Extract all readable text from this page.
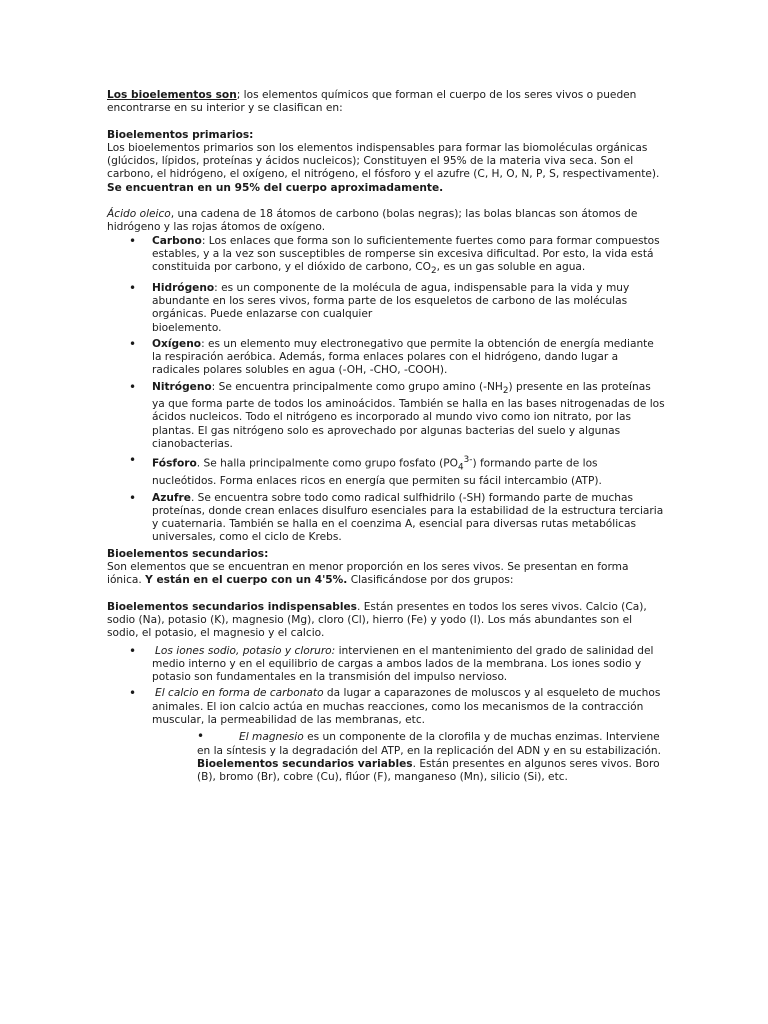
Los bioelementos son; los elementos químicos que forman el cuerpo de los seres vivos o pueden encontrarse en su interior y se clasifican en:

Bioelementos primarios:

Los bioelementos primarios son los elementos indispensables para formar las biomoléculas orgánicas (glúcidos, lípidos, proteínas y ácidos nucleicos); Constituyen el 95% de la materia viva seca. Son el carbono, el hidrógeno, el oxígeno, el nitrógeno, el fósforo y el azufre (C, H, O, N, P, S, respectivamente). Se encuentran en un 95% del cuerpo aproximadamente.

Ácido oleico, una cadena de 18 átomos de carbono (bolas negras); las bolas blancas son átomos de hidrógeno y las rojas átomos de oxígeno.

• Carbono: Los enlaces que forma son lo suficientemente fuertes como para formar compuestos estables, y a la vez son susceptibles de romperse sin excesiva dificultad. Por esto, la vida está constituida por carbono, y el dióxido de carbono, $CO_2$, es un gas soluble en agua.
• Hidrógeno: es un componente de la molécula de agua, indispensable para la vida y muy abundante en los seres vivos, forma parte de los esqueletos de carbono de las moléculas orgánicas. Puede enlazarse con cualquier
bioelemento.
• Oxígeno: es un elemento muy electronegativo que permite la obtención de energía mediante la respiración aeróbica. Además, forma enlaces polares con el hidrógeno, dando lugar a radicales polares solubles en agua (-OH, -CHO, -COOH).
• Nitrógeno: Se encuentra principalmente como grupo amino $(-NH_2)$ presente en las proteínas ya que forma parte de todos los aminoácidos. También se halla en las bases nitrogenadas de los ácidos nucleicos. Todo el nitrógeno es incorporado al mundo vivo como ion nitrato, por las plantas. El gas nitrógeno solo es aprovechado por algunas bacterias del suelo y algunas cianobacterias.
• Fósforo. Se halla principalmente como grupo fosfato $(PO_4^{3-})$ formando parte de los nucleótidos. Forma enlaces ricos en energía que permiten su fácil intercambio (ATP).
• Azufre. Se encuentra sobre todo como radical sulfhidrilo (-SH) formando parte de muchas proteínas, donde crean enlaces disulfuro esenciales para la estabilidad de la estructura terciaria y cuaternaria. También se halla en el coenzima A, esencial para diversas rutas metabólicas universales, como el ciclo de Krebs.

Bioelementos secundarios:

Son elementos que se encuentran en menor proporción en los seres vivos. Se presentan en forma iónica. Y están en el cuerpo con un 4'5%. Clasificándose por dos grupos:

Bioelementos secundarios indispensables. Están presentes en todos los seres vivos. Calcio (Ca), sodio (Na), potasio (K), magnesio (Mg), cloro (Cl), hierro (Fe) y yodo (I). Los más abundantes son el sodio, el potasio, el magnesio y el calcio.

• Los iones sodio, potasio y cloruro: intervienen en el mantenimiento del grado de salinidad del medio interno y en el equilibrio de cargas a ambos lados de la membrana. Los iones sodio y potasio son fundamentales en la transmisión del impulso nervioso.
• El calcio en forma de carbonato da lugar a caparazones de moluscos y al esqueleto de muchos animales. El ion calcio actúa en muchas reacciones, como los mecanismos de la contracción muscular, la permeabilidad de las membranas, etc.

•	El magnesio es un componente de la clorofila y de muchas enzimas. Interviene en la síntesis y la degradación del ATP, en la replicación del ADN y en su estabilización.

Bioelementos secundarios variables. Están presentes en algunos seres vivos. Boro (B), bromo (Br), cobre (Cu), flúor (F), manganeso (Mn), silicio (Si), etc.
